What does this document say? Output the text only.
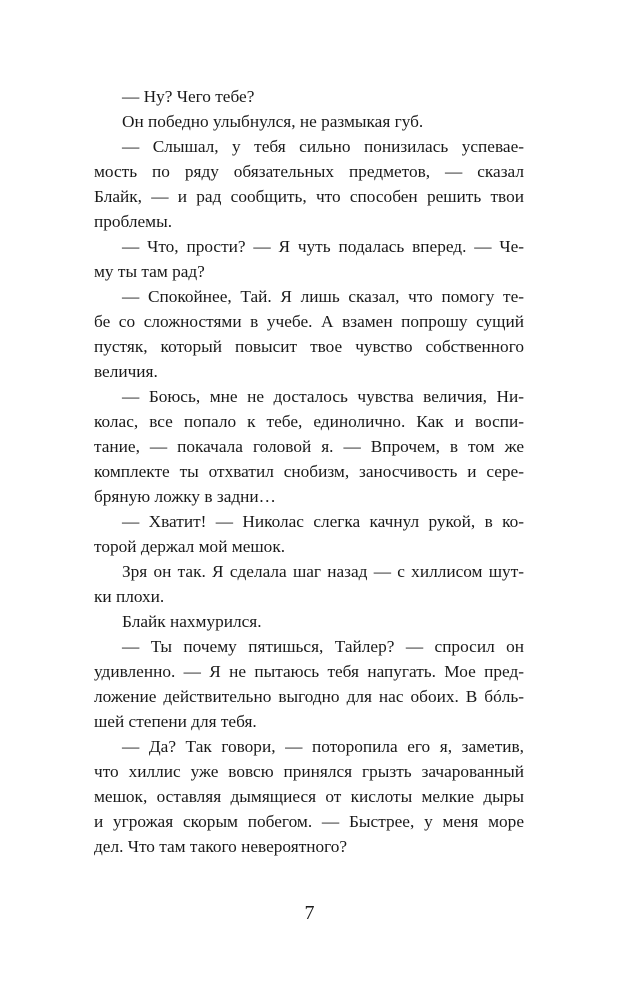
— Ну? Чего тебе?
Он победно улыбнулся, не размыкая губ.
— Слышал, у тебя сильно понизилась успевае-
мость по ряду обязательных предметов, — сказал
Блайк, — и рад сообщить, что способен решить твои
проблемы.
— Что, прости? — Я чуть подалась вперед. — Че-
му ты там рад?
— Спокойнее, Тай. Я лишь сказал, что помогу те-
бе со сложностями в учебе. А взамен попрошу сущий
пустяк, который повысит твое чувство собственного
величия.
— Боюсь, мне не досталось чувства величия, Ни-
колас, все попало к тебе, единолично. Как и воспи-
тание, — покачала головой я. — Впрочем, в том же
комплекте ты отхватил снобизм, заносчивость и сере-
бряную ложку в задни…
— Хватит! — Николас слегка качнул рукой, в ко-
торой держал мой мешок.
Зря он так. Я сделала шаг назад — с хиллисом шут-
ки плохи.
Блайк нахмурился.
— Ты почему пятишься, Тайлер? — спросил он
удивленно. — Я не пытаюсь тебя напугать. Мое пред-
ложение действительно выгодно для нас обоих. В бóль-
шей степени для тебя.
— Да? Так говори, — поторопила его я, заметив,
что хиллис уже вовсю принялся грызть зачарованный
мешок, оставляя дымящиеся от кислоты мелкие дыры
и угрожая скорым побегом. — Быстрее, у меня море
дел. Что там такого невероятного?
7
